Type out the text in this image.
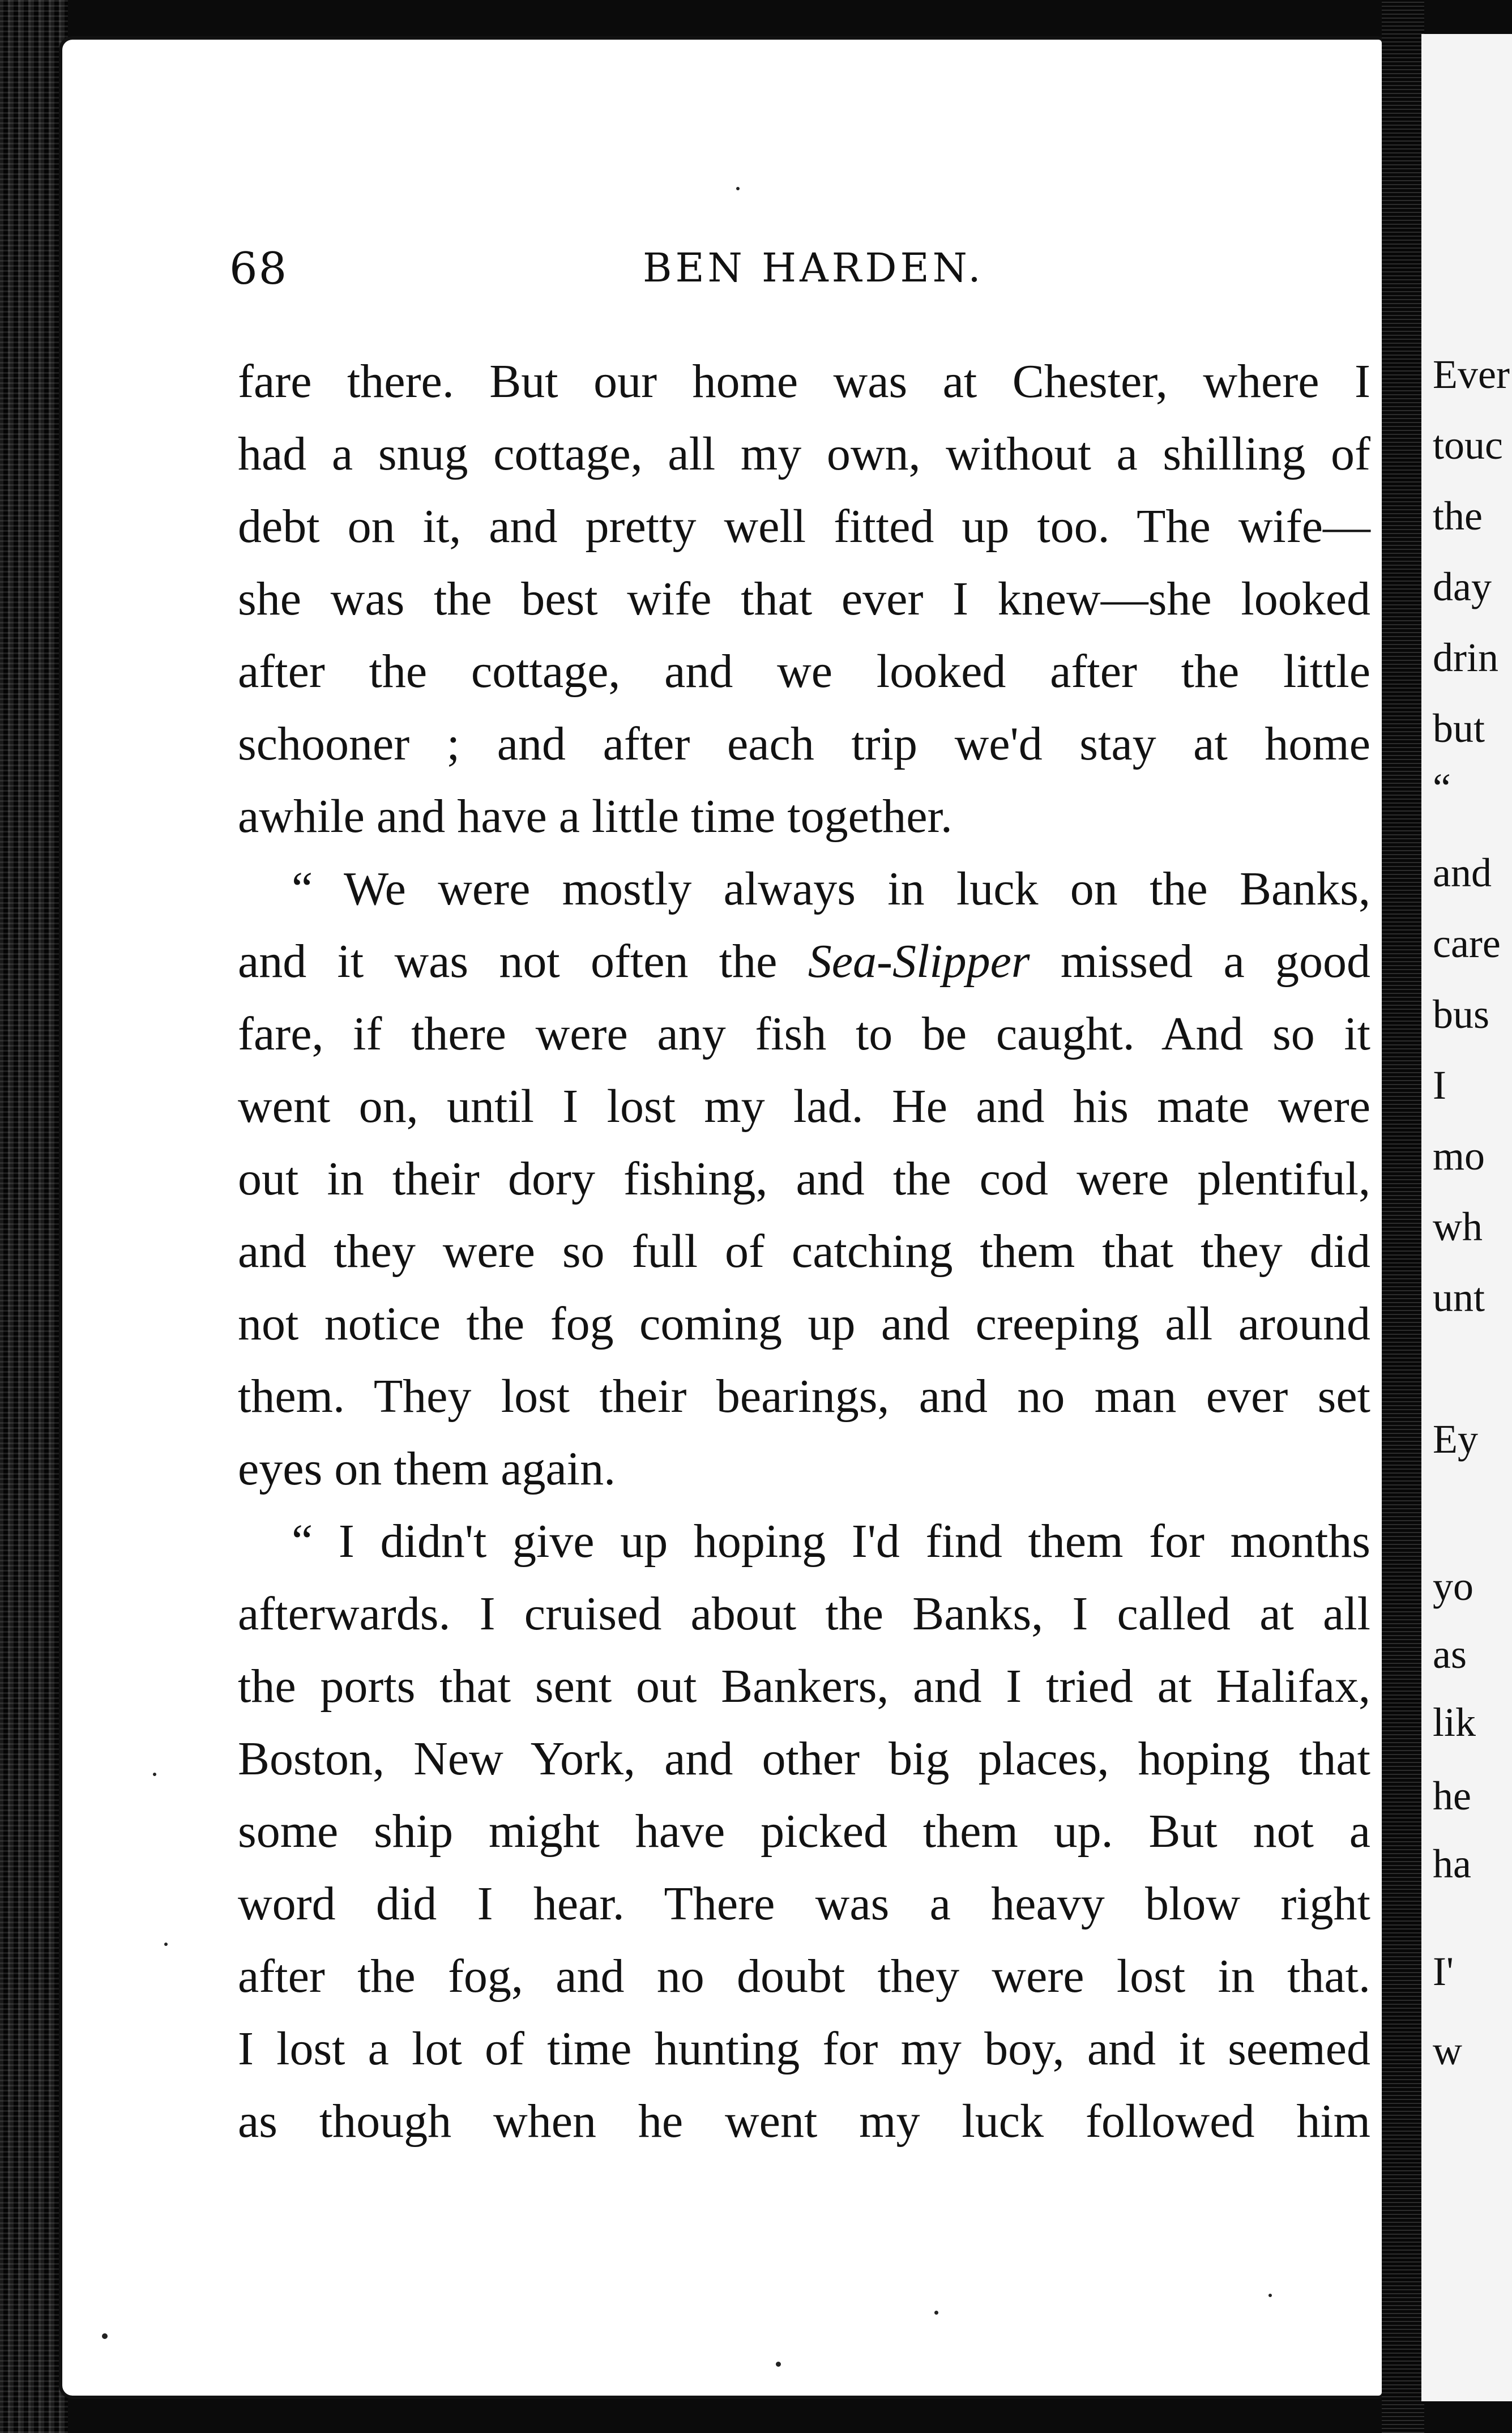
68	BEN HARDEN.
fare there. But our home was at Chester, where I
had a snug cottage, all my own, without a shilling of
debt on it, and pretty well fitted up too. The wife—
she was the best wife that ever I knew—she looked
after the cottage, and we looked after the little
schooner ; and after each trip we'd stay at home
awhile and have a little time together.
“ We were mostly always in luck on the Banks,
and it was not often the Sea-Slipper missed a good
fare, if there were any fish to be caught. And so it
went on, until I lost my lad. He and his mate were
out in their dory fishing, and the cod were plentiful,
and they were so full of catching them that they did
not notice the fog coming up and creeping all around
them. They lost their bearings, and no man ever set
eyes on them again.
“ I didn't give up hoping I'd find them for months
afterwards. I cruised about the Banks, I called at all
the ports that sent out Bankers, and I tried at Halifax,
Boston, New York, and other big places, hoping that
some ship might have picked them up. But not a
word did I hear. There was a heavy blow right
after the fog, and no doubt they were lost in that.
I lost a lot of time hunting for my boy, and it seemed
as though when he went my luck followed him
Ever
touc
the
day
drin
but
“
and
care
bus
I
mo
wh
unt
Ey
yo
as
lik
he
ha
I'
w
